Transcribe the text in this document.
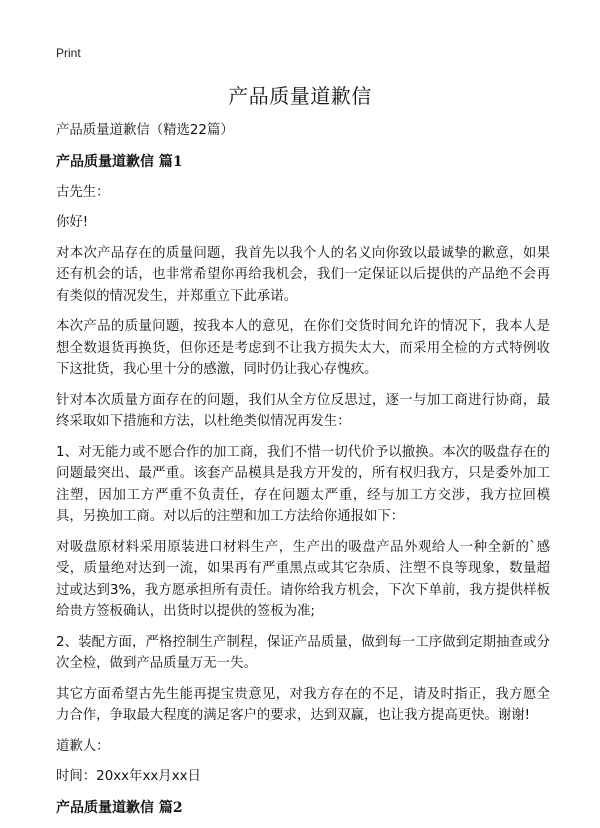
Print
产品质量道歉信

产品质量道歉信（精选22篇）

产品质量道歉信 篇1

古先生：

你好!

对本次产品存在的质量问题，我首先以我个人的名义向你致以最诚挚的歉意，如果还有机会的话，也非常希望你再给我机会，我们一定保证以后提供的产品绝不会再有类似的情况发生，并郑重立下此承诺。

本次产品的质量问题，按我本人的意见，在你们交货时间允许的情况下，我本人是想全数退货再换货，但你还是考虑到不让我方损失太大，而采用全检的方式特例收下这批货，我心里十分的感激，同时仍让我心存愧疚。

针对本次质量方面存在的问题，我们从全方位反思过，逐一与加工商进行协商，最终采取如下措施和方法，以杜绝类似情况再发生：

1、对无能力或不愿合作的加工商，我们不惜一切代价予以撤换。本次的吸盘存在的问题最突出、最严重。该套产品模具是我方开发的，所有权归我方，只是委外加工注塑，因加工方严重不负责任，存在问题太严重，经与加工方交涉，我方拉回模具，另换加工商。对以后的注塑和加工方法给你通报如下：

对吸盘原材料采用原装进口材料生产，生产出的吸盘产品外观给人一种全新的`感受，质量绝对达到一流，如果再有严重黑点或其它杂质、注塑不良等现象，数量超过或达到3%，我方愿承担所有责任。请你给我方机会，下次下单前，我方提供样板给贵方签板确认，出货时以提供的签板为准;

2、装配方面，严格控制生产制程，保证产品质量，做到每一工序做到定期抽查或分次全检，做到产品质量万无一失。

其它方面希望古先生能再提宝贵意见，对我方存在的不足，请及时指正，我方愿全力合作，争取最大程度的满足客户的要求，达到双赢，也让我方提高更快。谢谢!

道歉人：

时间：20xx年xx月xx日

产品质量道歉信 篇2
